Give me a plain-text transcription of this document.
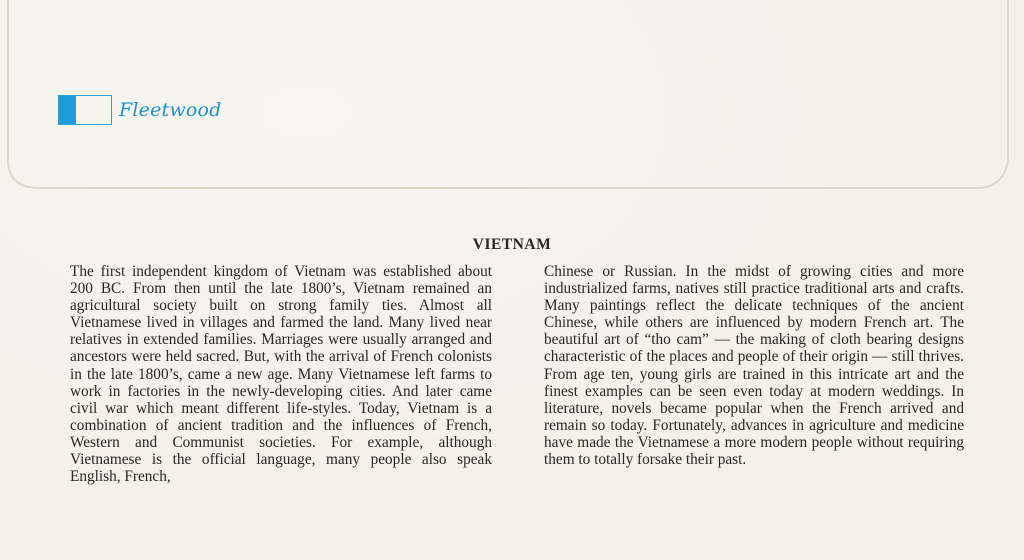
Fleetwood
VIETNAM

The first independent kingdom of Vietnam was established about 200 BC. From then until the late 1800’s, Vietnam remained an agricultural society built on strong family ties. Almost all Vietnamese lived in villages and farmed the land. Many lived near relatives in extended families. Marriages were usually arranged and ancestors were held sacred. But, with the arrival of French colonists in the late 1800’s, came a new age. Many Vietnamese left farms to work in factories in the newly-developing cities. And later came civil war which meant different life-styles. Today, Vietnam is a combination of ancient tradition and the influences of French, Western and Communist societies. For example, although Vietnamese is the official language, many people also speak English, French,

Chinese or Russian. In the midst of growing cities and more industrialized farms, natives still practice traditional arts and crafts. Many paintings reflect the delicate techniques of the ancient Chinese, while others are influenced by modern French art. The beautiful art of “tho cam” — the making of cloth bearing designs characteristic of the places and people of their origin — still thrives. From age ten, young girls are trained in this intricate art and the finest examples can be seen even today at modern weddings. In literature, novels became popular when the French arrived and remain so today. Fortunately, advances in agriculture and medicine have made the Vietnamese a more modern people without requiring them to totally forsake their past.
